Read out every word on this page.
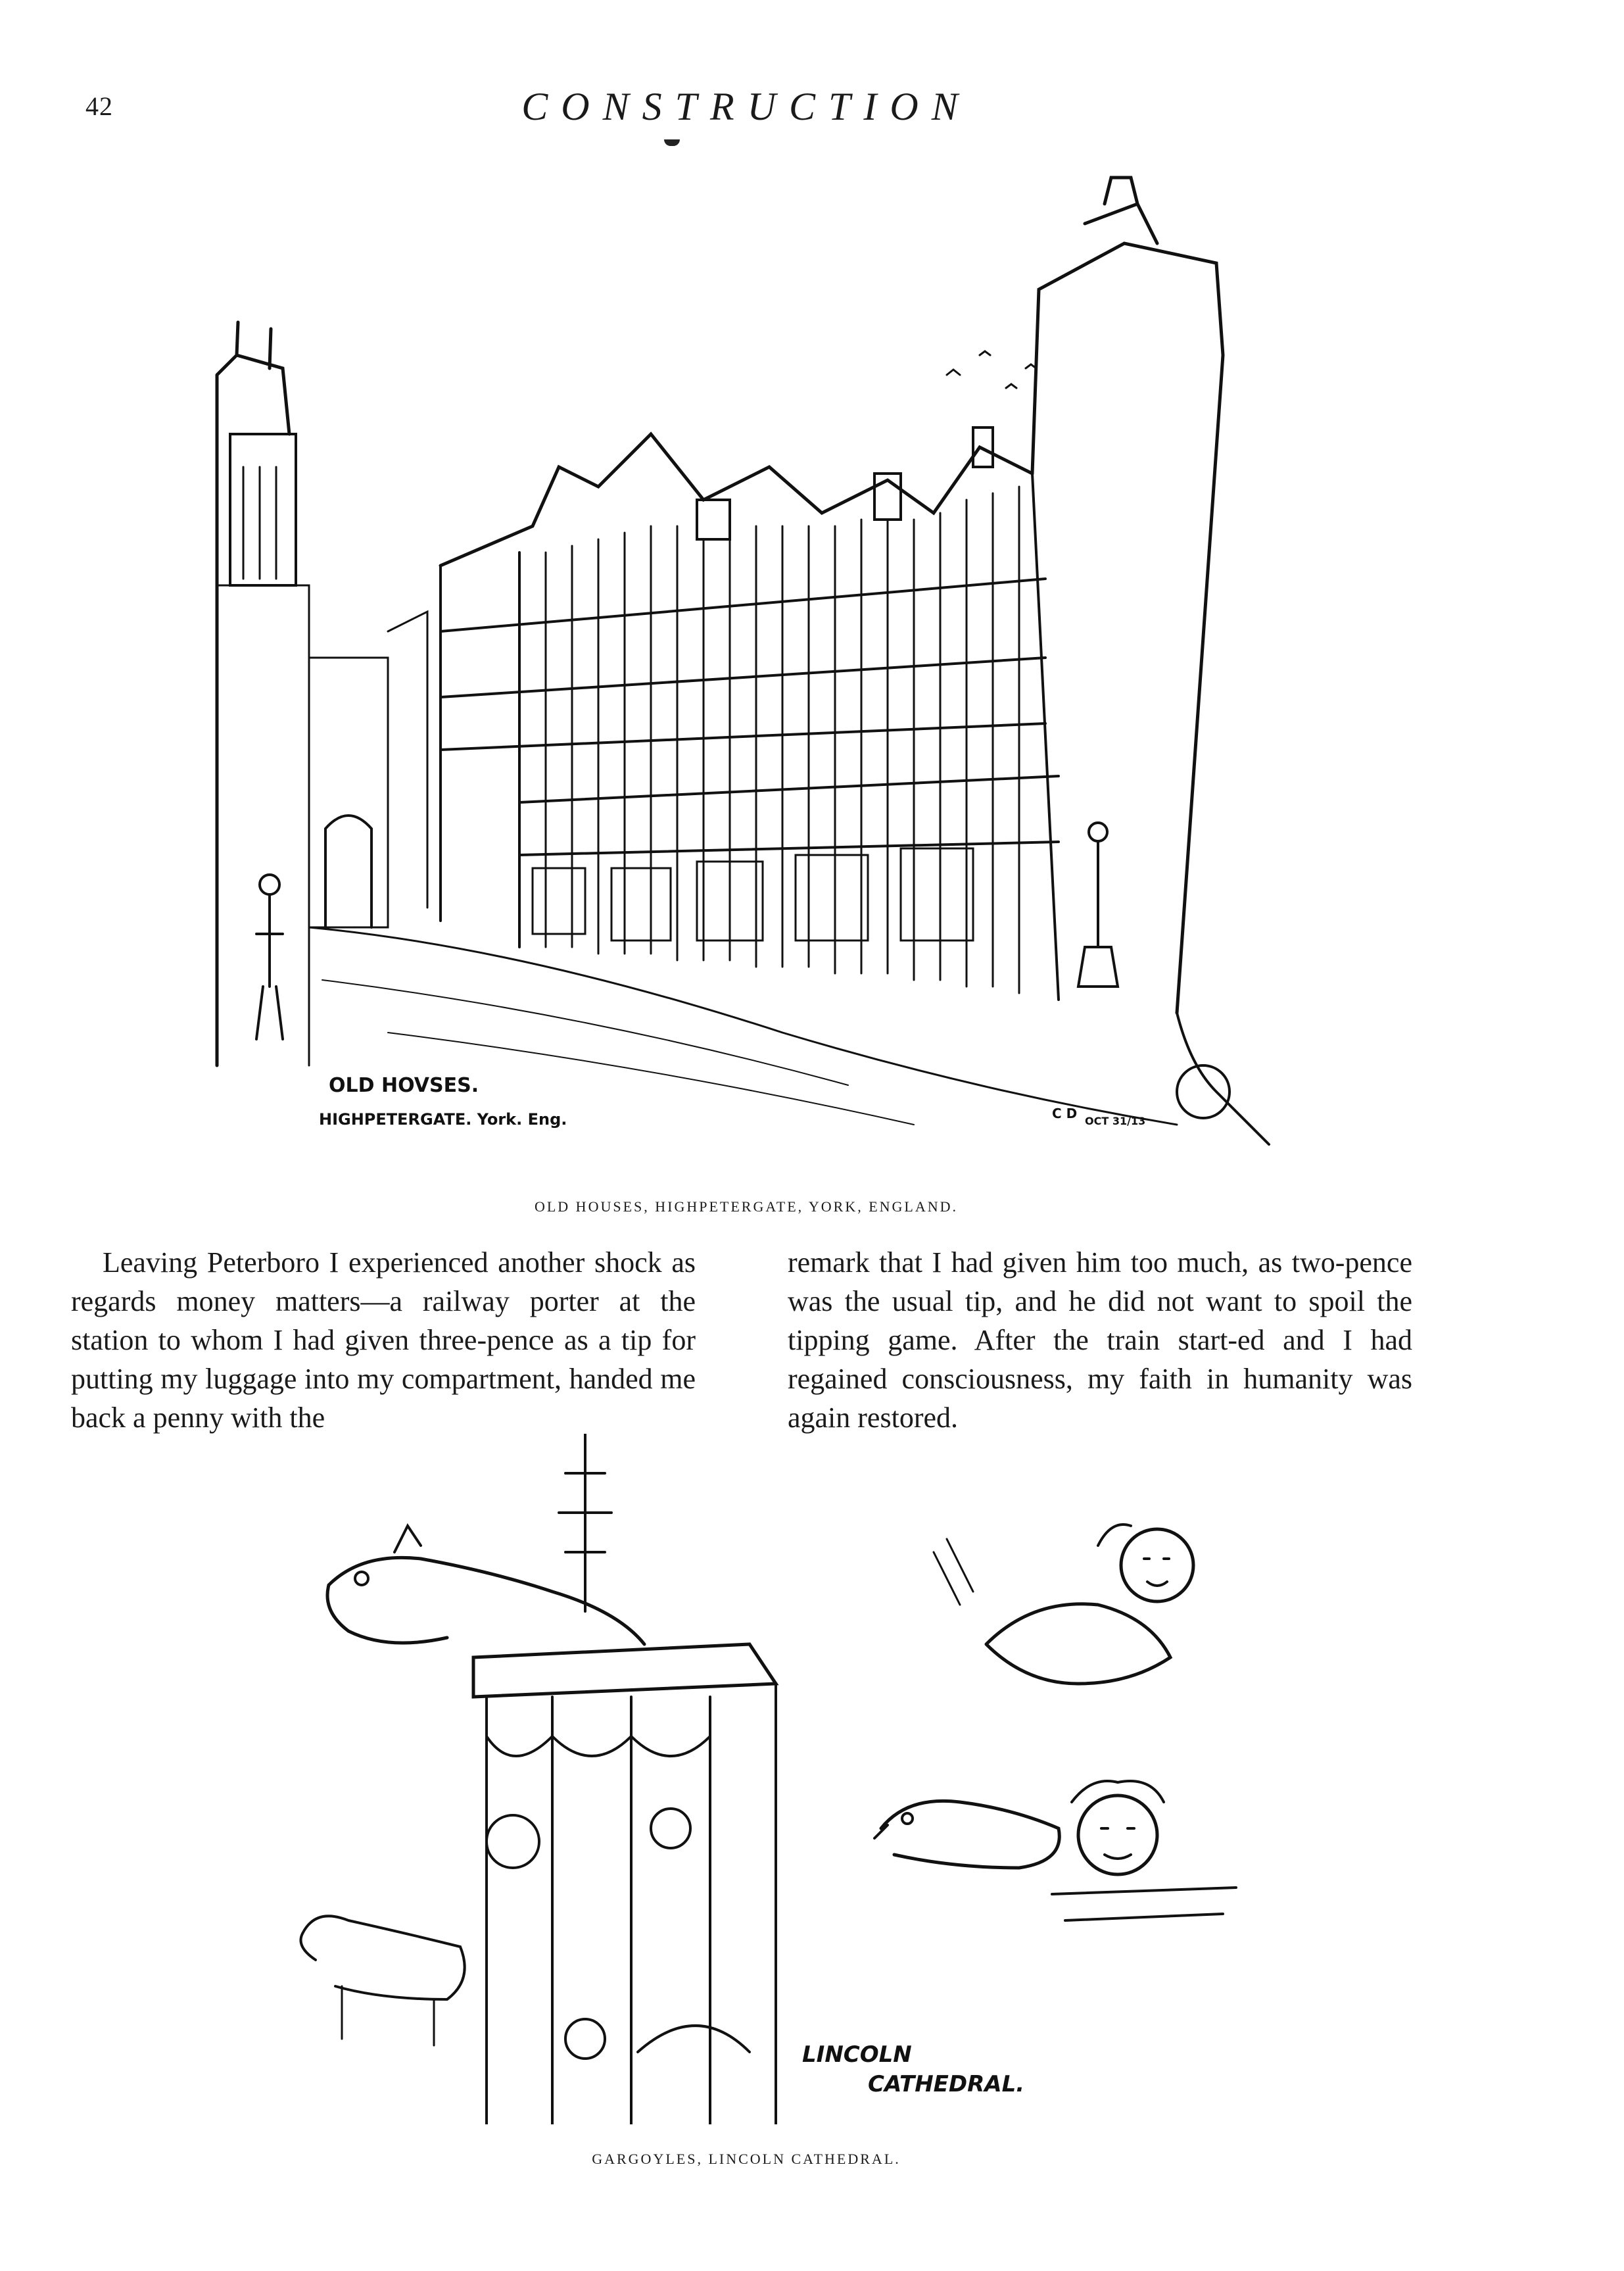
42	CONSTRUCTION
OLD HOVSES.
HIGHPETERGATE. York. Eng.	C D OCT 31/13
OLD HOUSES, HIGHPETERGATE, YORK, ENGLAND.

Leaving Peterboro I experienced another shock as regards money matters—a railway porter at the station to whom I had given three-pence as a tip for putting my luggage into my compartment, handed me back a penny with the

remark that I had given him too much, as two-pence was the usual tip, and he did not want to spoil the tipping game. After the train start-ed and I had regained consciousness, my faith in humanity was again restored.

LINCOLN
CATHEDRAL.
GARGOYLES, LINCOLN CATHEDRAL.
